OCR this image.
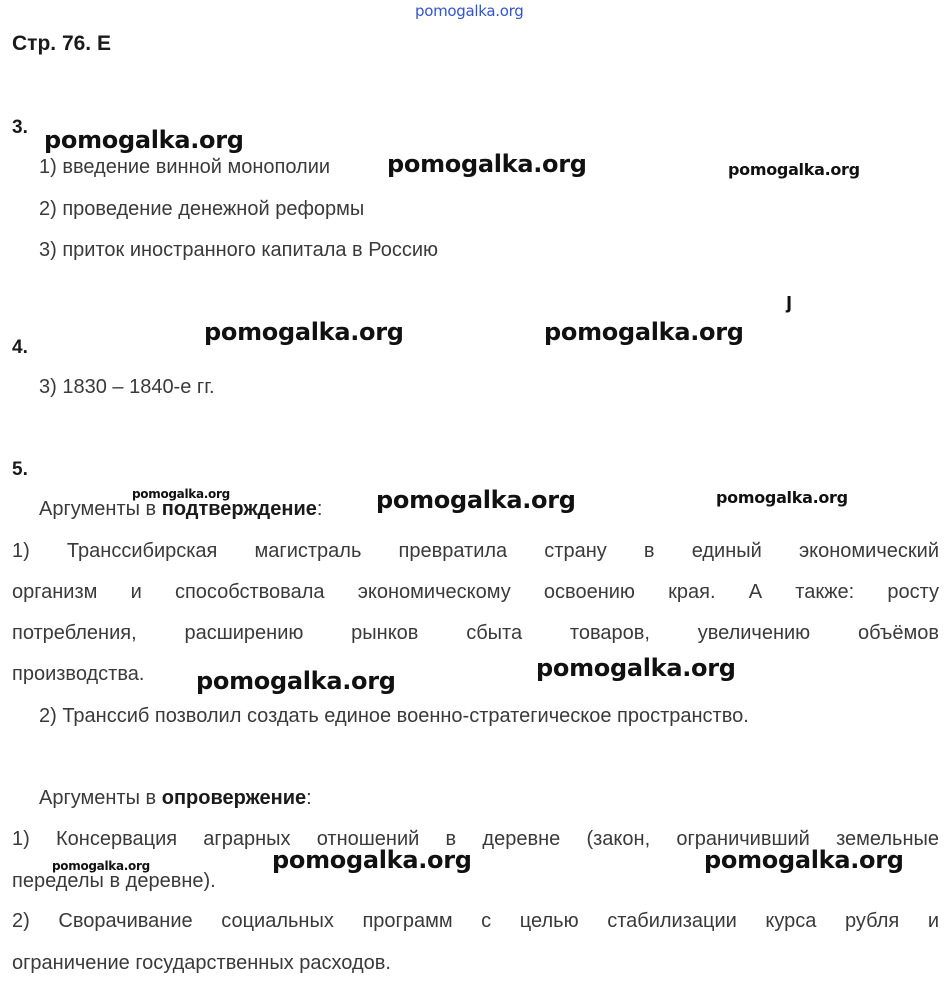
pomogalka.org
Стр. 76. Е
3.
1) введение винной монополии
2) проведение денежной реформы
3) приток иностранного капитала в Россию
ȷ
4.
3) 1830 – 1840-е гг.
5.
Аргументы в подтверждение:
1) Транссибирская магистраль превратила страну в единый экономический
организм и способствовала экономическому освоению края. А также: росту
потребления, расширению рынков сбыта товаров, увеличению объёмов
производства.
2) Транссиб позволил создать единое военно-стратегическое пространство.
Аргументы в опровержение:
1) Консервация аграрных отношений в деревне (закон, ограничивший земельные
переделы в деревне).
2) Сворачивание социальных программ с целью стабилизации курса рубля и
ограничение государственных расходов.
pomogalka.org
pomogalka.org	pomogalka.org
pomogalka.org	pomogalka.org
pomogalka.org	pomogalka.org	pomogalka.org
pomogalka.org
pomogalka.org
pomogalka.org	pomogalka.org	pomogalka.org
